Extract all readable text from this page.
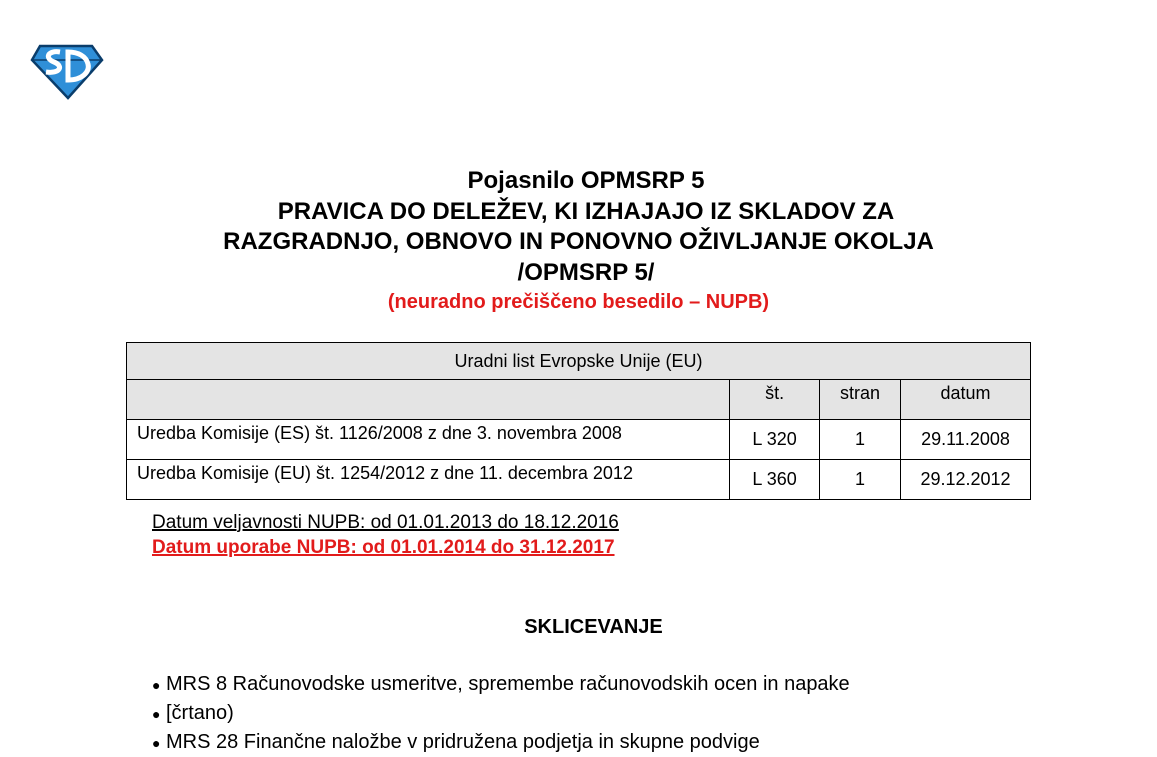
Pojasnilo OPMSRP 5
PRAVICA DO DELEŽEV, KI IZHAJAJO IZ SKLADOV ZA
RAZGRADNJO, OBNOVO IN PONOVNO OŽIVLJANJE OKOLJA
/OPMSRP 5/
(neuradno prečiščeno besedilo – NUPB)
Uradni list Evropske Unije (EU)			
	št.	stran	datum
Uredba Komisije (ES) št. 1126/2008 z dne 3. novembra 2008	L 320	1	29.11.2008
Uredba Komisije (EU) št. 1254/2012 z dne 11. decembra 2012	L 360	1	29.12.2012
Datum veljavnosti NUPB: od 01.01.2013 do 18.12.2016
Datum uporabe NUPB: od 01.01.2014 do 31.12.2017
SKLICEVANJE
● MRS 8 Računovodske usmeritve, spremembe računovodskih ocen in napake
● [črtano)
● MRS 28 Finančne naložbe v pridružena podjetja in skupne podvige
